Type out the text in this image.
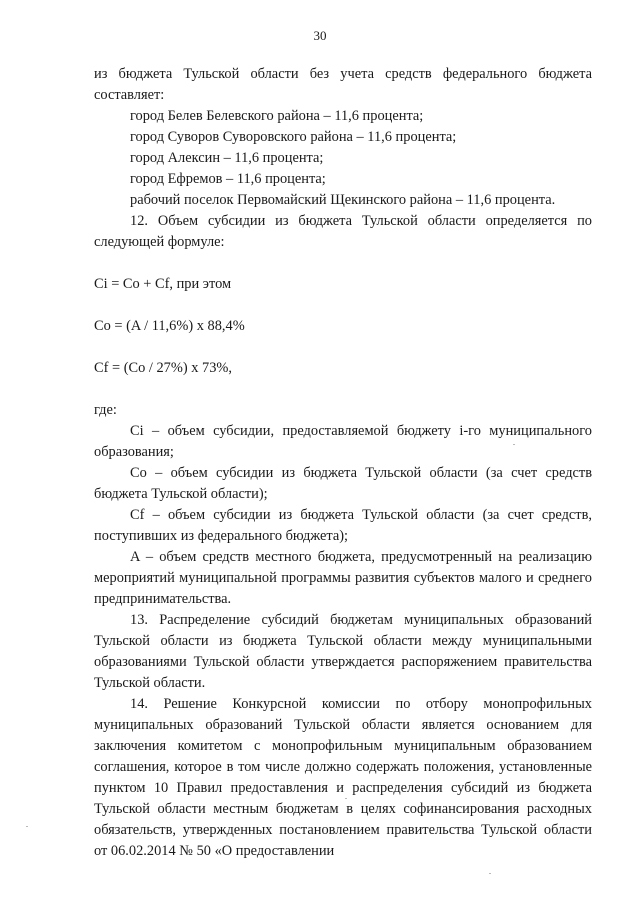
30

из бюджета Тульской области без учета средств федерального бюджета составляет:

город Белев Белевского района – 11,6 процента;

город Суворов Суворовского района – 11,6 процента;

город Алексин – 11,6 процента;

город Ефремов – 11,6 процента;

рабочий поселок Первомайский Щекинского района – 11,6 процента.

12. Объем субсидии из бюджета Тульской области определяется по следующей формуле:

Ci = Co + Cf, при этом

Co = (A / 11,6%) x 88,4%

Cf = (Co / 27%) x 73%,

где:

Ci – объем субсидии, предоставляемой бюджету i-го муниципального образования;

Co – объем субсидии из бюджета Тульской области (за счет средств бюджета Тульской области);

Cf – объем субсидии из бюджета Тульской области (за счет средств, поступивших из федерального бюджета);

A – объем средств местного бюджета, предусмотренный на реализацию мероприятий муниципальной программы развития субъектов малого и среднего предпринимательства.

13. Распределение субсидий бюджетам муниципальных образований Тульской области из бюджета Тульской области между муниципальными образованиями Тульской области утверждается распоряжением правительства Тульской области.

14. Решение Конкурсной комиссии по отбору монопрофильных муниципальных образований Тульской области является основанием для заключения комитетом с монопрофильным муниципальным образованием соглашения, которое в том числе должно содержать положения, установленные пунктом 10 Правил предоставления и распределения субсидий из бюджета Тульской области местным бюджетам в целях софинансирования расходных обязательств, утвержденных постановлением правительства Тульской области от 06.02.2014 № 50 «О предоставлении
